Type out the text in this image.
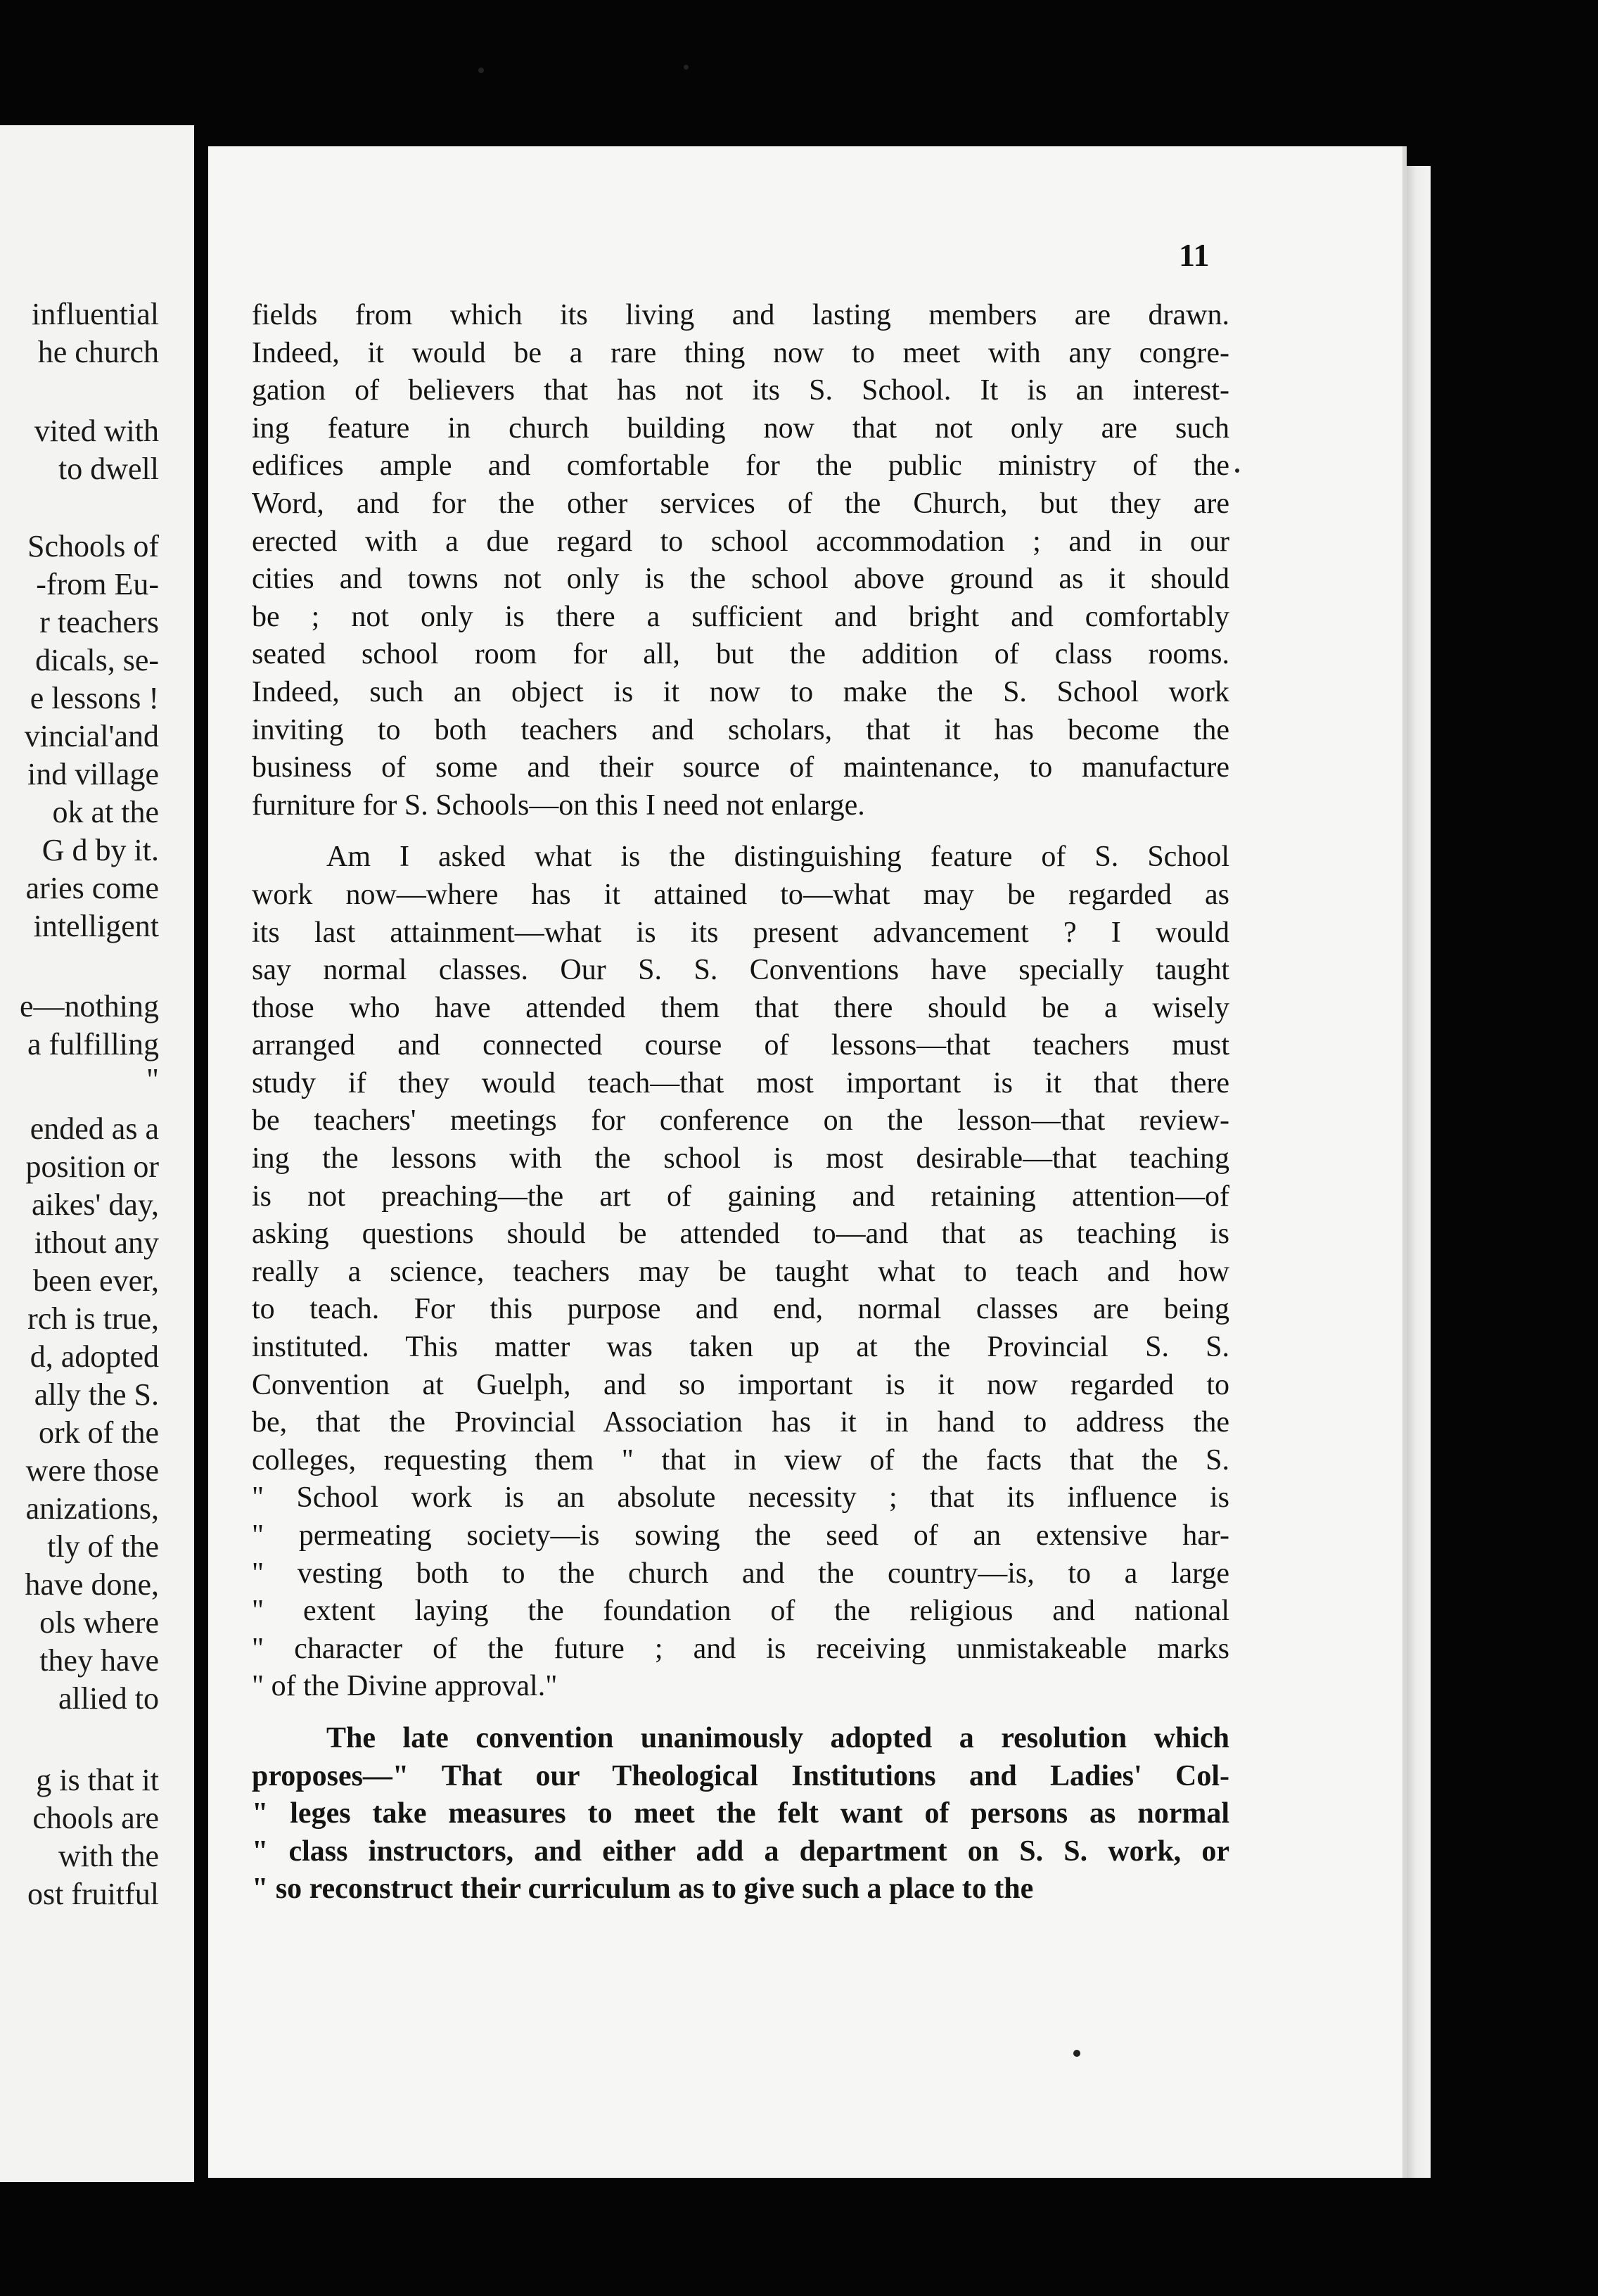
influential
he church
vited with
to dwell
Schools of
-from Eu-
r teachers
dicals, se-
e lessons !
vincial'and
ind village
ok at the
G d by it.
aries come
intelligent
e—nothing
a fulfilling
"
ended as a
position or
aikes' day,
ithout any
been ever,
rch is true,
d, adopted
ally the S.
ork of the
were those
anizations,
tly of the
have done,
ols where
they have
allied to
g is that it
chools are
with the
ost fruitful
11
fields from which its living and lasting members are drawn.
Indeed, it would be a rare thing now to meet with any congre-
gation of believers that has not its S. School. It is an interest-
ing feature in church building now that not only are such
edifices ample and comfortable for the public ministry of the
Word, and for the other services of the Church, but they are
erected with a due regard to school accommodation ; and in our
cities and towns not only is the school above ground as it should
be ; not only is there a sufficient and bright and comfortably
seated school room for all, but the addition of class rooms.
Indeed, such an object is it now to make the S. School work
inviting to both teachers and scholars, that it has become the
business of some and their source of maintenance, to manufacture
furniture for S. Schools—on this I need not enlarge.
Am I asked what is the distinguishing feature of S. School
work now—where has it attained to—what may be regarded as
its last attainment—what is its present advancement ? I would
say normal classes. Our S. S. Conventions have specially taught
those who have attended them that there should be a wisely
arranged and connected course of lessons—that teachers must
study if they would teach—that most important is it that there
be teachers' meetings for conference on the lesson—that review-
ing the lessons with the school is most desirable—that teaching
is not preaching—the art of gaining and retaining attention—of
asking questions should be attended to—and that as teaching is
really a science, teachers may be taught what to teach and how
to teach. For this purpose and end, normal classes are being
instituted. This matter was taken up at the Provincial S. S.
Convention at Guelph, and so important is it now regarded to
be, that the Provincial Association has it in hand to address the
colleges, requesting them " that in view of the facts that the S.
" School work is an absolute necessity ; that its influence is
" permeating society—is sowing the seed of an extensive har-
" vesting both to the church and the country—is, to a large
" extent laying the foundation of the religious and national
" character of the future ; and is receiving unmistakeable marks
" of the Divine approval."
The late convention unanimously adopted a resolution which
proposes—" That our Theological Institutions and Ladies' Col-
" leges take measures to meet the felt want of persons as normal
" class instructors, and either add a department on S. S. work, or
" so reconstruct their curriculum as to give such a place to the
